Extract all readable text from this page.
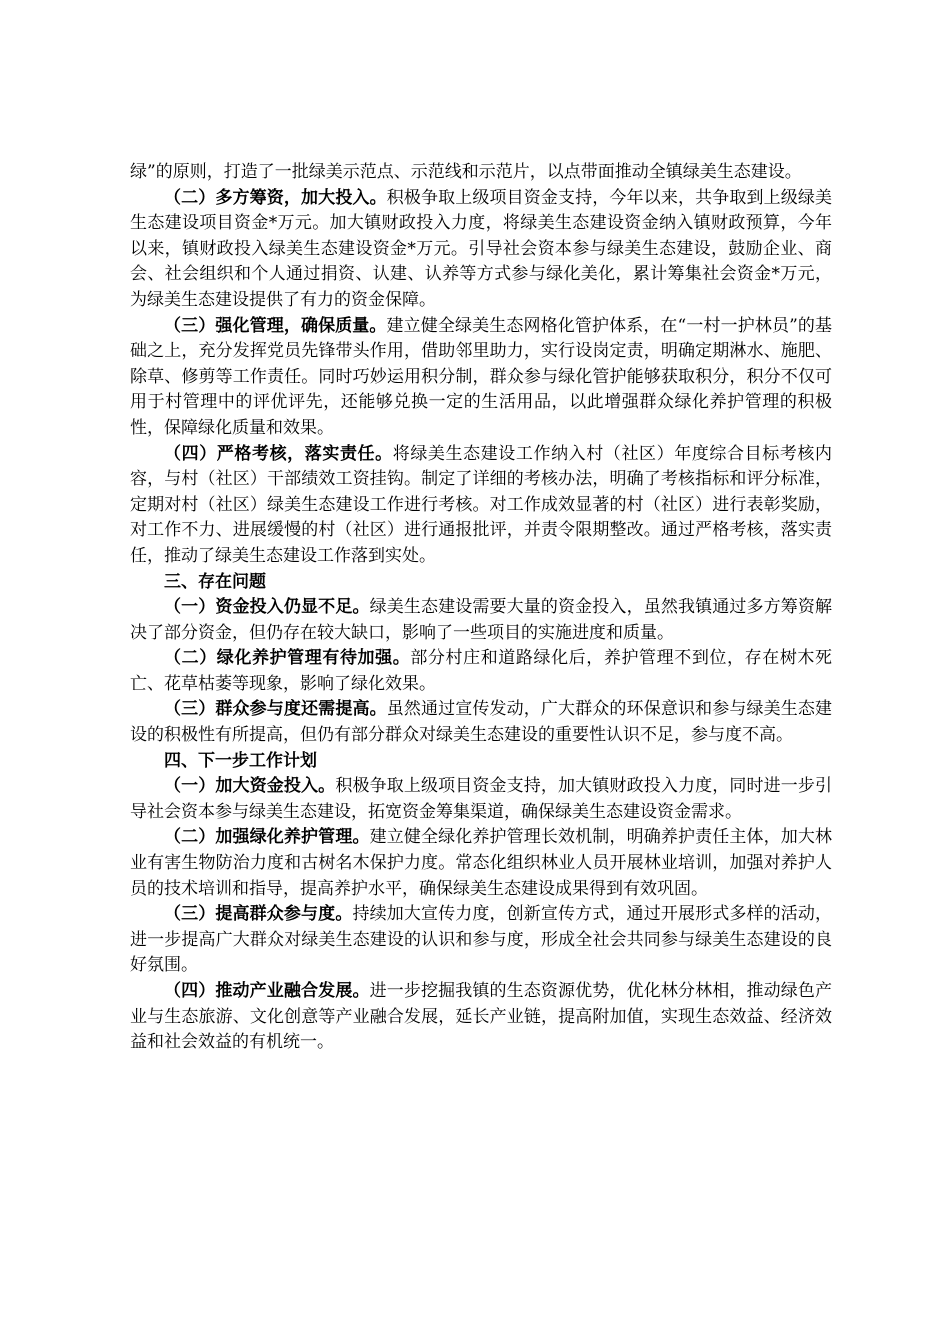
绿”的原则，打造了一批绿美示范点、示范线和示范片，以点带面推动全镇绿美生态建设。

（二）多方筹资，加大投入。积极争取上级项目资金支持，今年以来，共争取到上级绿美生态建设项目资金*万元。加大镇财政投入力度，将绿美生态建设资金纳入镇财政预算，今年以来，镇财政投入绿美生态建设资金*万元。引导社会资本参与绿美生态建设，鼓励企业、商会、社会组织和个人通过捐资、认建、认养等方式参与绿化美化，累计筹集社会资金*万元，为绿美生态建设提供了有力的资金保障。

（三）强化管理，确保质量。建立健全绿美生态网格化管护体系，在“一村一护林员”的基础之上，充分发挥党员先锋带头作用，借助邻里助力，实行设岗定责，明确定期淋水、施肥、除草、修剪等工作责任。同时巧妙运用积分制，群众参与绿化管护能够获取积分，积分不仅可用于村管理中的评优评先，还能够兑换一定的生活用品，以此增强群众绿化养护管理的积极性，保障绿化质量和效果。

（四）严格考核，落实责任。将绿美生态建设工作纳入村（社区）年度综合目标考核内容，与村（社区）干部绩效工资挂钩。制定了详细的考核办法，明确了考核指标和评分标准，定期对村（社区）绿美生态建设工作进行考核。对工作成效显著的村（社区）进行表彰奖励，对工作不力、进展缓慢的村（社区）进行通报批评，并责令限期整改。通过严格考核，落实责任，推动了绿美生态建设工作落到实处。

三、存在问题

（一）资金投入仍显不足。绿美生态建设需要大量的资金投入，虽然我镇通过多方筹资解决了部分资金，但仍存在较大缺口，影响了一些项目的实施进度和质量。

（二）绿化养护管理有待加强。部分村庄和道路绿化后，养护管理不到位，存在树木死亡、花草枯萎等现象，影响了绿化效果。

（三）群众参与度还需提高。虽然通过宣传发动，广大群众的环保意识和参与绿美生态建设的积极性有所提高，但仍有部分群众对绿美生态建设的重要性认识不足，参与度不高。

四、下一步工作计划

（一）加大资金投入。积极争取上级项目资金支持，加大镇财政投入力度，同时进一步引导社会资本参与绿美生态建设，拓宽资金筹集渠道，确保绿美生态建设资金需求。

（二）加强绿化养护管理。建立健全绿化养护管理长效机制，明确养护责任主体，加大林业有害生物防治力度和古树名木保护力度。常态化组织林业人员开展林业培训，加强对养护人员的技术培训和指导，提高养护水平，确保绿美生态建设成果得到有效巩固。

（三）提高群众参与度。持续加大宣传力度，创新宣传方式，通过开展形式多样的活动，进一步提高广大群众对绿美生态建设的认识和参与度，形成全社会共同参与绿美生态建设的良好氛围。

（四）推动产业融合发展。进一步挖掘我镇的生态资源优势，优化林分林相，推动绿色产业与生态旅游、文化创意等产业融合发展，延长产业链，提高附加值，实现生态效益、经济效益和社会效益的有机统一。
